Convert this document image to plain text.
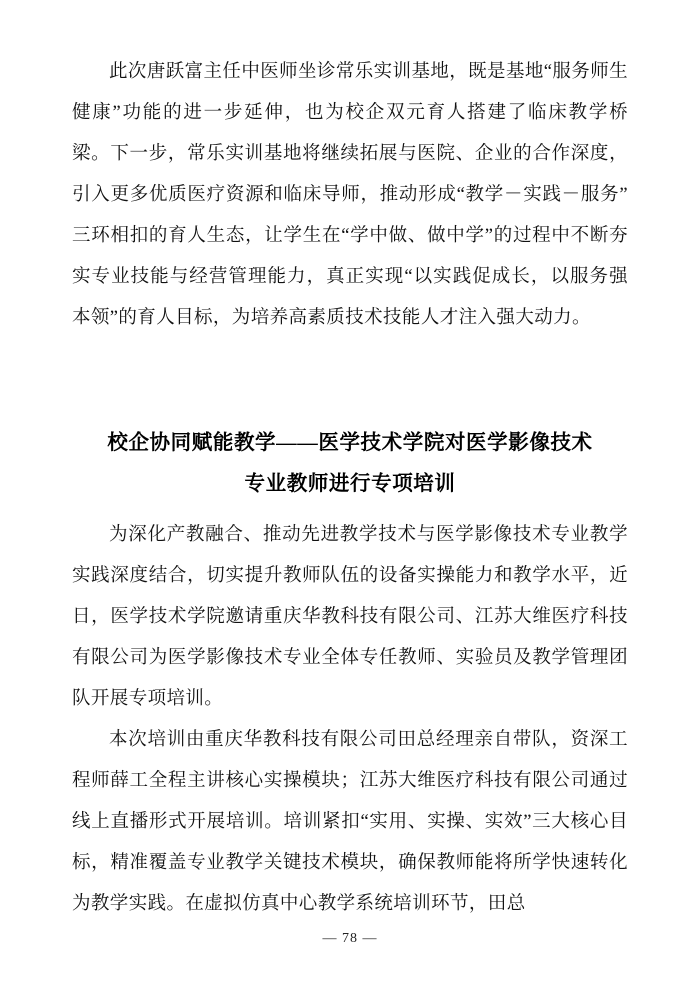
此次唐跃富主任中医师坐诊常乐实训基地，既是基地“服务师生健康”功能的进一步延伸，也为校企双元育人搭建了临床教学桥梁。下一步，常乐实训基地将继续拓展与医院、企业的合作深度，引入更多优质医疗资源和临床导师，推动形成“教学－实践－服务”三环相扣的育人生态，让学生在“学中做、做中学”的过程中不断夯实专业技能与经营管理能力，真正实现“以实践促成长，以服务强本领”的育人目标，为培养高素质技术技能人才注入强大动力。

校企协同赋能教学——医学技术学院对医学影像技术
专业教师进行专项培训

为深化产教融合、推动先进教学技术与医学影像技术专业教学实践深度结合，切实提升教师队伍的设备实操能力和教学水平，近日，医学技术学院邀请重庆华教科技有限公司、江苏大维医疗科技有限公司为医学影像技术专业全体专任教师、实验员及教学管理团队开展专项培训。

本次培训由重庆华教科技有限公司田总经理亲自带队，资深工程师薛工全程主讲核心实操模块；江苏大维医疗科技有限公司通过线上直播形式开展培训。培训紧扣“实用、实操、实效”三大核心目标，精准覆盖专业教学关键技术模块，确保教师能将所学快速转化为教学实践。在虚拟仿真中心教学系统培训环节，田总

— 78 —
